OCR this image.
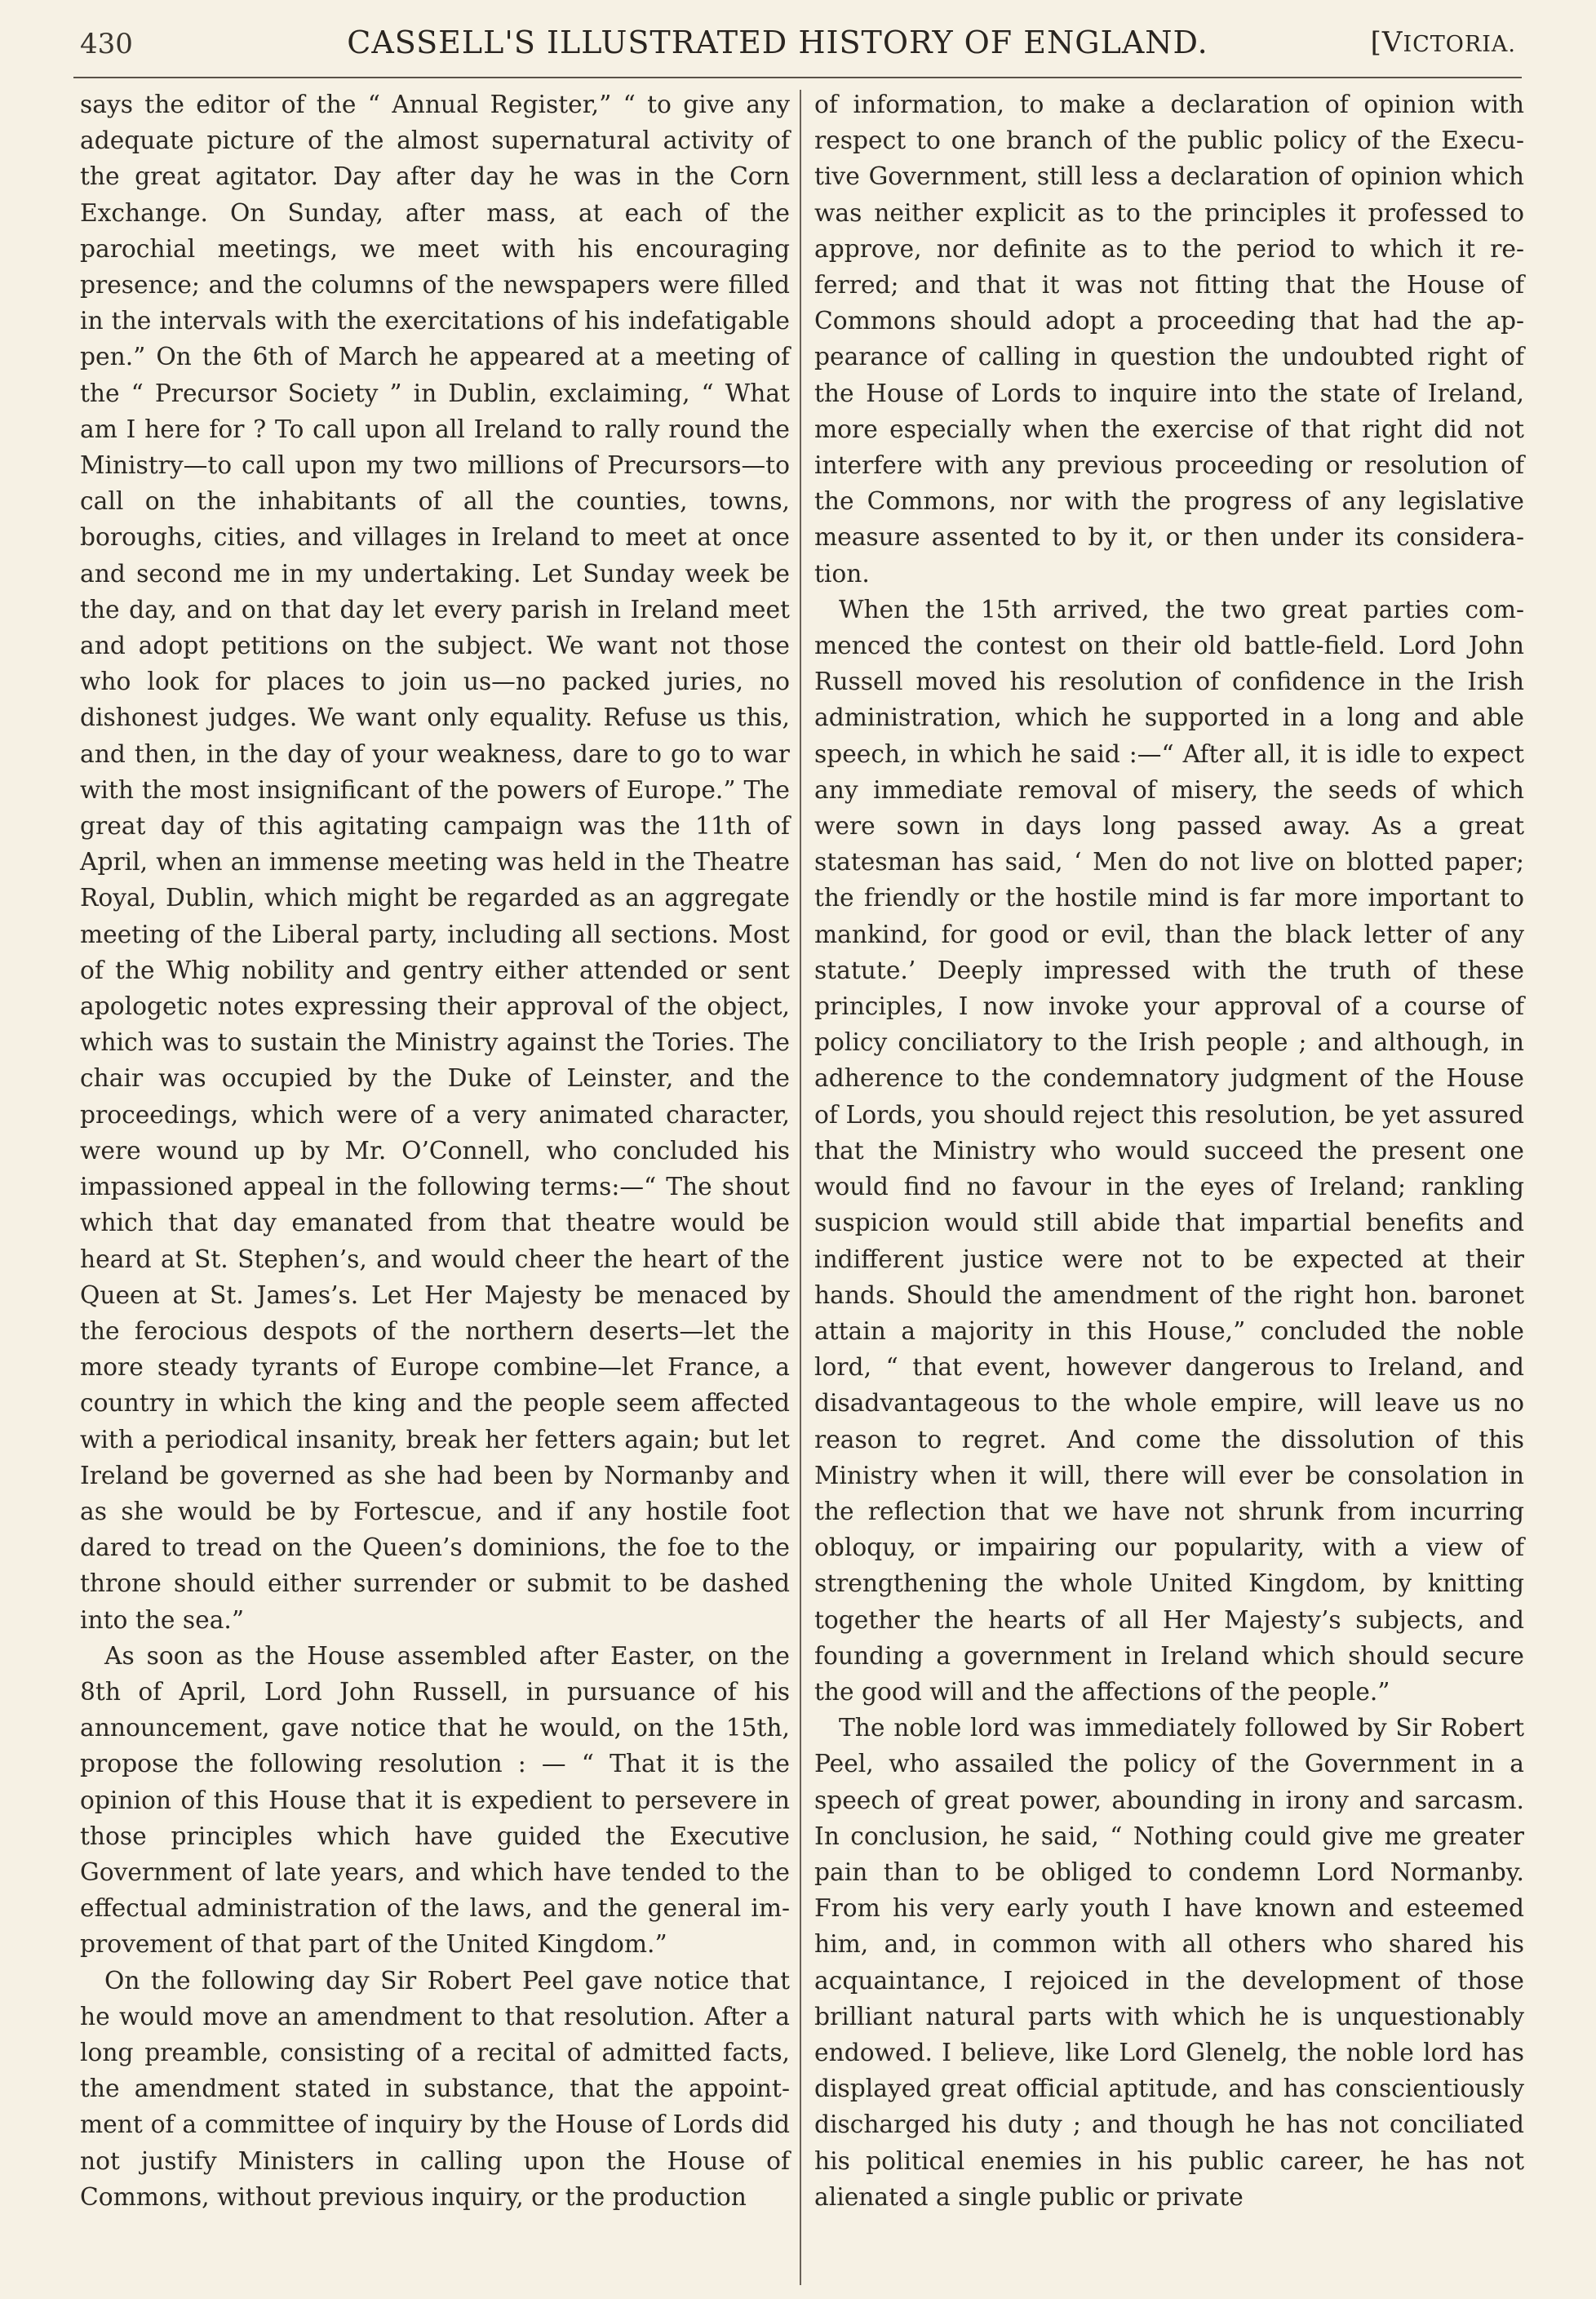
430	CASSELL'S ILLUSTRATED HISTORY OF ENGLAND.	[VICTORIA.

says the editor of the “ Annual Register,” “ to give any adequate picture of the almost supernatural activity of the great agitator. Day after day he was in the Corn Exchange. On Sunday, after mass, at each of the parochial meetings, we meet with his encouraging presence; and the columns of the newspapers were filled in the intervals with the exercitations of his indefatigable pen.” On the 6th of March he appeared at a meeting of the “ Precursor Society ” in Dublin, exclaiming, “ What am I here for ? To call upon all Ireland to rally round the Ministry—to call upon my two millions of Precursors—to call on the inhabitants of all the counties, towns, boroughs, cities, and villages in Ireland to meet at once and second me in my undertaking. Let Sunday week be the day, and on that day let every parish in Ireland meet and adopt petitions on the subject. We want not those who look for places to join us—no packed juries, no dishonest judges. We want only equality. Refuse us this, and then, in the day of your weakness, dare to go to war with the most insignificant of the powers of Europe.” The great day of this agitating campaign was the 11th of April, when an immense meeting was held in the Theatre Royal, Dublin, which might be regarded as an aggregate meeting of the Liberal party, including all sections. Most of the Whig nobility and gentry either attended or sent apologetic notes expressing their approval of the object, which was to sustain the Ministry against the Tories. The chair was occupied by the Duke of Leinster, and the proceedings, which were of a very animated character, were wound up by Mr. O’Connell, who concluded his impassioned appeal in the following terms:—“ The shout which that day emanated from that theatre would be heard at St. Stephen’s, and would cheer the heart of the Queen at St. James’s. Let Her Majesty be menaced by the ferocious despots of the northern deserts—let the more steady tyrants of Europe combine—let France, a country in which the king and the people seem affected with a periodical insanity, break her fetters again; but let Ireland be governed as she had been by Normanby and as she would be by Fortescue, and if any hostile foot dared to tread on the Queen’s dominions, the foe to the throne should either surrender or submit to be dashed into the sea.”

As soon as the House assembled after Easter, on the 8th of April, Lord John Russell, in pursuance of his announcement, gave notice that he would, on the 15th, propose the following resolution : — “ That it is the opinion of this House that it is expedient to persevere in those principles which have guided the Executive Government of late years, and which have tended to the effectual administration of the laws, and the general improvement of that part of the United Kingdom.”

On the following day Sir Robert Peel gave notice that he would move an amendment to that resolution. After a long preamble, consisting of a recital of admitted facts, the amendment stated in substance, that the appointment of a committee of inquiry by the House of Lords did not justify Ministers in calling upon the House of Commons, without previous inquiry, or the production

of information, to make a declaration of opinion with respect to one branch of the public policy of the Executive Government, still less a declaration of opinion which was neither explicit as to the principles it professed to approve, nor definite as to the period to which it referred; and that it was not fitting that the House of Commons should adopt a proceeding that had the appearance of calling in question the undoubted right of the House of Lords to inquire into the state of Ireland, more especially when the exercise of that right did not interfere with any previous proceeding or resolution of the Commons, nor with the progress of any legislative measure assented to by it, or then under its consideration.

When the 15th arrived, the two great parties commenced the contest on their old battle-field. Lord John Russell moved his resolution of confidence in the Irish administration, which he supported in a long and able speech, in which he said :—“ After all, it is idle to expect any immediate removal of misery, the seeds of which were sown in days long passed away. As a great statesman has said, ‘ Men do not live on blotted paper; the friendly or the hostile mind is far more important to mankind, for good or evil, than the black letter of any statute.’ Deeply impressed with the truth of these principles, I now invoke your approval of a course of policy conciliatory to the Irish people ; and although, in adherence to the condemnatory judgment of the House of Lords, you should reject this resolution, be yet assured that the Ministry who would succeed the present one would find no favour in the eyes of Ireland; rankling suspicion would still abide that impartial benefits and indifferent justice were not to be expected at their hands. Should the amendment of the right hon. baronet attain a majority in this House,” concluded the noble lord, “ that event, however dangerous to Ireland, and disadvantageous to the whole empire, will leave us no reason to regret. And come the dissolution of this Ministry when it will, there will ever be consolation in the reflection that we have not shrunk from incurring obloquy, or impairing our popularity, with a view of strengthening the whole United Kingdom, by knitting together the hearts of all Her Majesty’s subjects, and founding a government in Ireland which should secure the good will and the affections of the people.”

The noble lord was immediately followed by Sir Robert Peel, who assailed the policy of the Government in a speech of great power, abounding in irony and sarcasm. In conclusion, he said, “ Nothing could give me greater pain than to be obliged to condemn Lord Normanby. From his very early youth I have known and esteemed him, and, in common with all others who shared his acquaintance, I rejoiced in the development of those brilliant natural parts with which he is unquestionably endowed. I believe, like Lord Glenelg, the noble lord has displayed great official aptitude, and has conscientiously discharged his duty ; and though he has not conciliated his political enemies in his public career, he has not alienated a single public or private
